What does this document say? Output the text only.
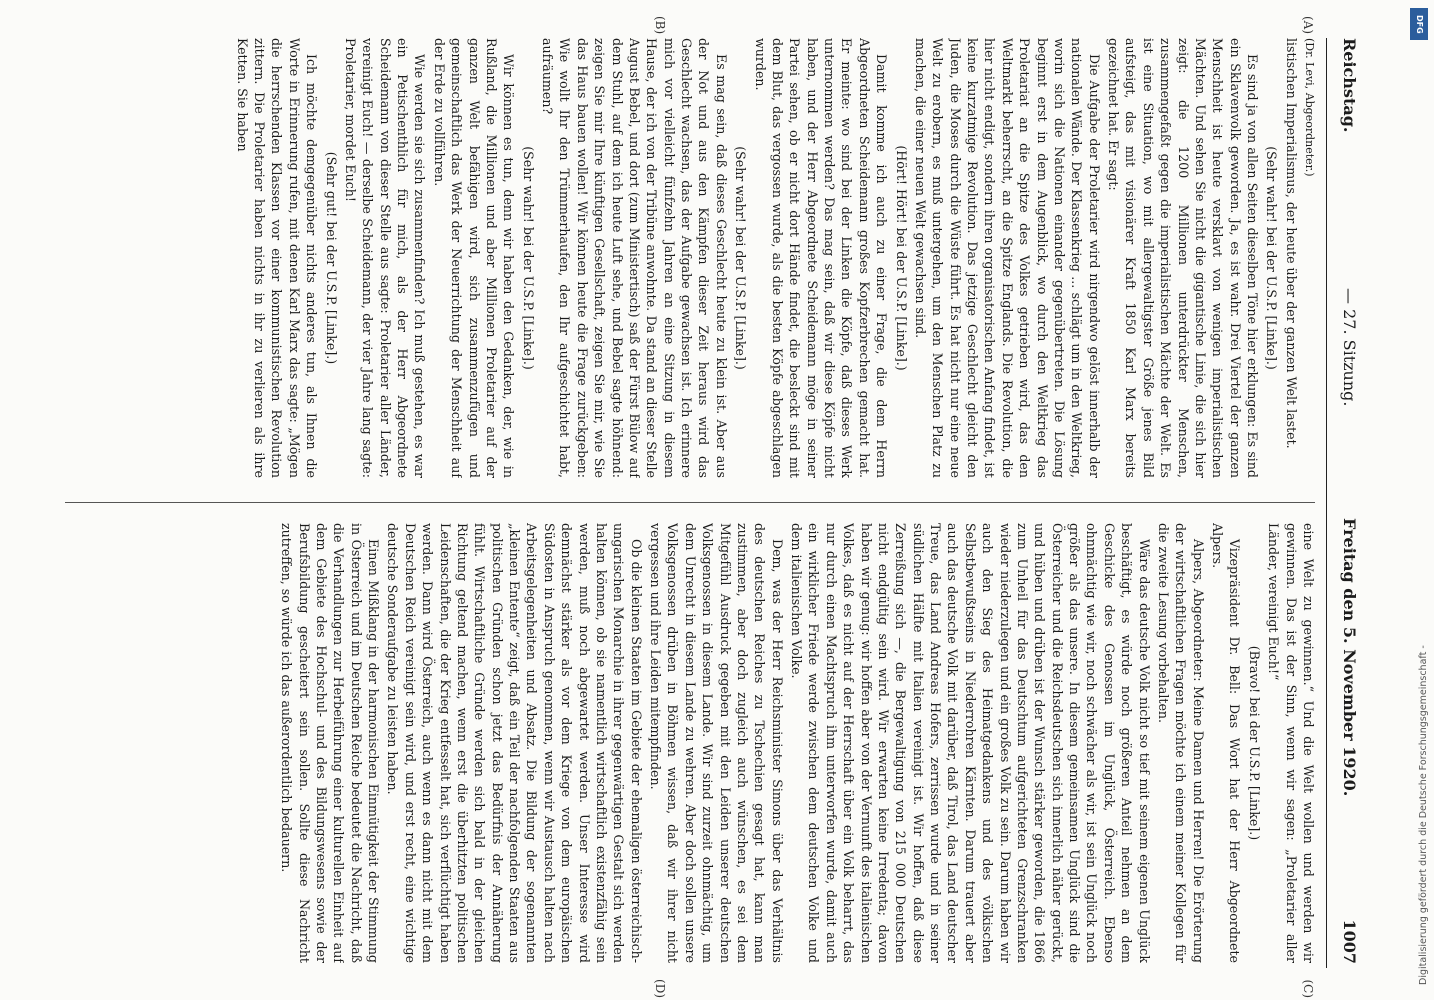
Reichstag.
— 27. Sitzung.
Freitag den 5. November 1920.
1007
(A)
(B)
(C)
(D)

(Dr. Levi, Abgeordneter.)

listischen Imperialismus, der heute über der ganzen Welt lastet.

(Sehr wahr! bei der U.S.P. [Linke].)

Es sind ja von allen Seiten dieselben Töne hier erklungen: Es sind ein Sklavenvolk geworden. Ja, es ist wahr. Drei Viertel der ganzen Menschheit ist heute versklavt von wenigen imperialistischen Mächten. Und sehen Sie nicht die gigantische Linie, die sich hier zeigt: die 1200 Millionen unterdrückter Menschen, zusammengefaßt gegen die imperialistischen Mächte der Welt. Es ist eine Situation, wo mit allergewaltigster Größe jenes Bild aufsteigt, das mit visionärer Kraft 1850 Karl Marx bereits gezeichnet hat. Er sagt:

Die Aufgabe der Proletarier wird nirgendwo gelöst innerhalb der nationalen Wände. Der Klassenkrieg ... schlägt um in den Weltkrieg, worin sich die Nationen einander gegenübertreten. Die Lösung beginnt erst in dem Augenblick, wo durch den Weltkrieg das Proletariat an die Spitze des Volkes getrieben wird, das den Weltmarkt beherrscht, an die Spitze Englands. Die Revolution, die hier nicht endigt, sondern ihren organisatorischen Anfang findet, ist keine kurzatmige Revolution. Das jetzige Geschlecht gleicht den Juden, die Moses durch die Wüste führt. Es hat nicht nur eine neue Welt zu erobern, es muß untergehen, um den Menschen Platz zu machen, die einer neuen Welt gewachsen sind.

(Hört! Hört! bei der U.S.P. [Linke].)

Damit komme ich auch zu einer Frage, die dem Herrn Abgeordneten Scheidemann großes Kopfzerbrechen gemacht hat. Er meinte: wo sind bei der Linken die Köpfe, daß dieses Werk unternommen werden? Das mag sein, daß wir diese Köpfe nicht haben, und der Herr Abgeordnete Scheidemann möge in seiner Partei sehen, ob er nicht dort Hände findet, die besleckt sind mit dem Blut, das vergossen wurde, als die besten Köpfe abgeschlagen wurden.

(Sehr wahr! bei der U.S.P. [Linke].)

Es mag sein, daß dieses Geschlecht heute zu klein ist. Aber aus der Not und aus den Kämpfen dieser Zeit heraus wird das Geschlecht wachsen, das der Aufgabe gewachsen ist. Ich erinnere mich vor vielleicht fünfzehn Jahren an eine Sitzung in diesem Hause, der ich von der Tribüne anwohnte. Da stand an dieser Stelle August Bebel, und dort (zum Ministertisch) saß der Fürst Bülow auf dem Stuhl, auf dem ich heute Luft sehe, und Bebel sagte höhnend: zeigen Sie mir Ihre künftigen Gesellschaft, zeigen Sie mir, wie Sie das Haus bauen wollen! Wir können heute die Frage zurückgeben: Wie wollt Ihr den Trümmerhaufen, den Ihr aufgeschichtet habt, aufräumen?

(Sehr wahr! bei der U.S.P. [Linke].)

Wir können es tun, denn wir haben den Gedanken, der, wie in Rußland, die Millionen und aber Millionen Proletarier auf der ganzen Welt befähigen wird, sich zusammenzufügen und gemeinschaftlich das Werk der Neuerrichtung der Menschheit auf der Erde zu vollführen.

Wie werden sie sich zusammenfinden? Ich muß gestehen, es war ein Petischenthlich für mich, als der Herr Abgeordnete Scheidemann von dieser Stelle aus sagte: Proletarier aller Länder, vereinigt Euch! — derselbe Scheidemann, der vier Jahre lang sagte: Proletarier, mordet Euch!

(Sehr gut! bei der U.S.P. [Linke].)

Ich möchte demgegenüber nichts anderes tun, als Ihnen die Worte in Erinnerung rufen, mit denen Karl Marx das sagte: „Mögen die herrschenden Klassen vor einer kommunistischen Revolution zittern. Die Proletarier haben nichts in ihr zu verlieren als ihre Ketten. Sie haben

eine Welt zu gewinnen.“ Und die Welt wollen und werden wir gewinnen. Das ist der Sinn, wenn wir sagen: „Proletarier aller Länder, vereinigt Euch!“

(Bravo! bei der U.S.P. [Linke].)

Vizepräsident Dr. Bell: Das Wort hat der Herr Abgeordnete Alpers.

Alpers, Abgeordneter: Meine Damen und Herren! Die Erörterung der wirtschaftlichen Fragen möchte ich einem meiner Kollegen für die zweite Lesung vorbehalten.

Wäre das deutsche Volk nicht so tief mit seinem eigenen Unglück beschäftigt, es würde noch größeren Anteil nehmen an dem Geschicke des Genossen im Unglück, Österreich. Ebenso ohnmächtig wie wir, noch schwächer als wir, ist sein Unglück noch größer als das unsere. In diesem gemeinsamen Unglück sind die Österreicher und die Reichsdeutschen sich innerlich näher gerückt, und hüben und drüben ist der Wunsch stärker geworden, die 1866 zum Unheil für das Deutschtum aufgerichteten Grenzschranken wieder niederzulegen und ein großes Volk zu sein. Darum haben wir auch den Sieg des Heimatgedankens und des völkischen Selbstbewußtseins in Niederrohren Kärnten. Darum trauert aber auch das deutsche Volk mit darüber, daß Tirol, das Land deutscher Treue, das Land Andreas Hofers, zerrissen wurde und in seiner südlichen Hälfte mit Italien vereinigt ist. Wir hoffen, daß diese Zerreißung sich —, die Bergewaltigung von 215 000 Deutschen nicht endgültig sein wird. Wir erwarten keine Irredenta; davon haben wir genug: wir hoffen aber von der Vernunft des italienischen Volkes, daß es nicht auf der Herrschaft über ein Volk beharrt, das nur durch einen Machtspruch ihm unterworfen wurde, damit auch ein wirklicher Friede werde zwischen dem deutschen Volke und dem italienischen Volke.

Dem, was der Herr Reichsminister Simons über das Verhältnis des deutschen Reiches zu Tschechien gesagt hat, kann man zustimmen, aber doch zugleich auch wünschen, es sei dem Mitgefühl Ausdruck gegeben mit den Leiden unserer deutschen Volksgenossen in diesem Lande. Wir sind zurzeit ohnmächtig, um dem Unrecht in diesem Lande zu wehren. Aber doch sollen unsere Volksgenossen drüben in Böhmen wissen, daß wir ihrer nicht vergessen und ihre Leiden mitempfinden.

Ob die kleinen Staaten im Gebiete der ehemaligen österreichisch-ungarischen Monarchie in ihrer gegenwärtigen Gestalt sich werden halten können, ob sie namentlich wirtschaftlich existenzfähig sein werden, muß noch abgewartet werden. Unser Interesse wird demnächst stärker als vor dem Kriege von dem europäischen Südosten in Anspruch genommen, wenn wir Austausch halten nach Arbeitsgelegenheiten und Absatz. Die Bildung der sogenannten „kleinen Entente“ zeigt, daß ein Teil der nachfolgenden Staaten aus politischen Gründen schon jetzt das Bedürfnis der Annäherung fühlt. Wirtschaftliche Gründe werden sich bald in der gleichen Richtung geltend machen, wenn erst die überhitzten politischen Leidenschaften, die der Krieg entfesselt hat, sich verflüchtigt haben werden. Dann wird Österreich, auch wenn es dann nicht mit dem Deutschen Reich vereinigt sein wird, und erst recht, eine wichtige deutsche Sonderaufgabe zu leisten haben.

Einen Mißklang in der harmonischen Einmütigkeit der Stimmung in Österreich und im Deutschen Reiche bedeutet die Nachricht, daß die Verhandlungen zur Herbeiführung einer kulturellen Einheit auf dem Gebiete des Hochschul- und des Bildungswesens sowie der Berufsbildung gescheitert sein sollen. Sollte diese Nachricht zutreffen, so würde ich das außerordentlich bedauern.

DFG
Digitalisierung gefördert durch die Deutsche Forschungsgemeinschaft -
